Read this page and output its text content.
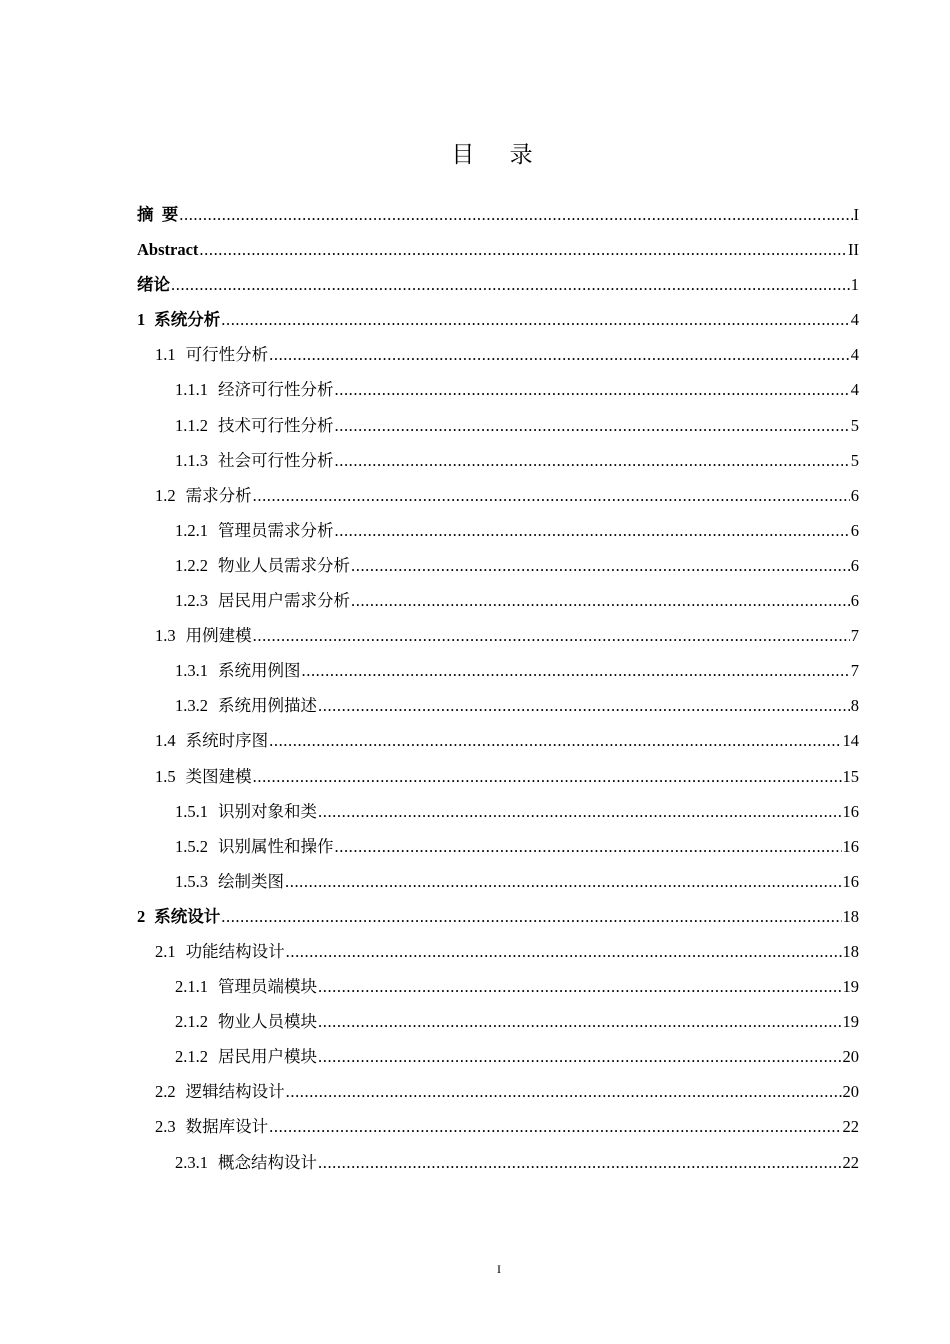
目 录
摘  要 .....	I
Abstract .....	II
绪论 .....	1
1 系统分析 .....	4
1.1 可行性分析 .....	4
1.1.1 经济可行性分析 .....	4
1.1.2 技术可行性分析 .....	5
1.1.3 社会可行性分析 .....	5
1.2 需求分析 .....	6
1.2.1 管理员需求分析 .....	6
1.2.2 物业人员需求分析 .....	6
1.2.3 居民用户需求分析 .....	6
1.3 用例建模 .....	7
1.3.1 系统用例图 .....	7
1.3.2 系统用例描述 .....	8
1.4 系统时序图 .....	14
1.5 类图建模 .....	15
1.5.1 识别对象和类 .....	16
1.5.2 识别属性和操作 .....	16
1.5.3 绘制类图 .....	16
2 系统设计 .....	18
2.1 功能结构设计 .....	18
2.1.1 管理员端模块 .....	19
2.1.2 物业人员模块 .....	19
2.1.2 居民用户模块 .....	20
2.2 逻辑结构设计 .....	20
2.3 数据库设计 .....	22
2.3.1 概念结构设计 .....	22
I
